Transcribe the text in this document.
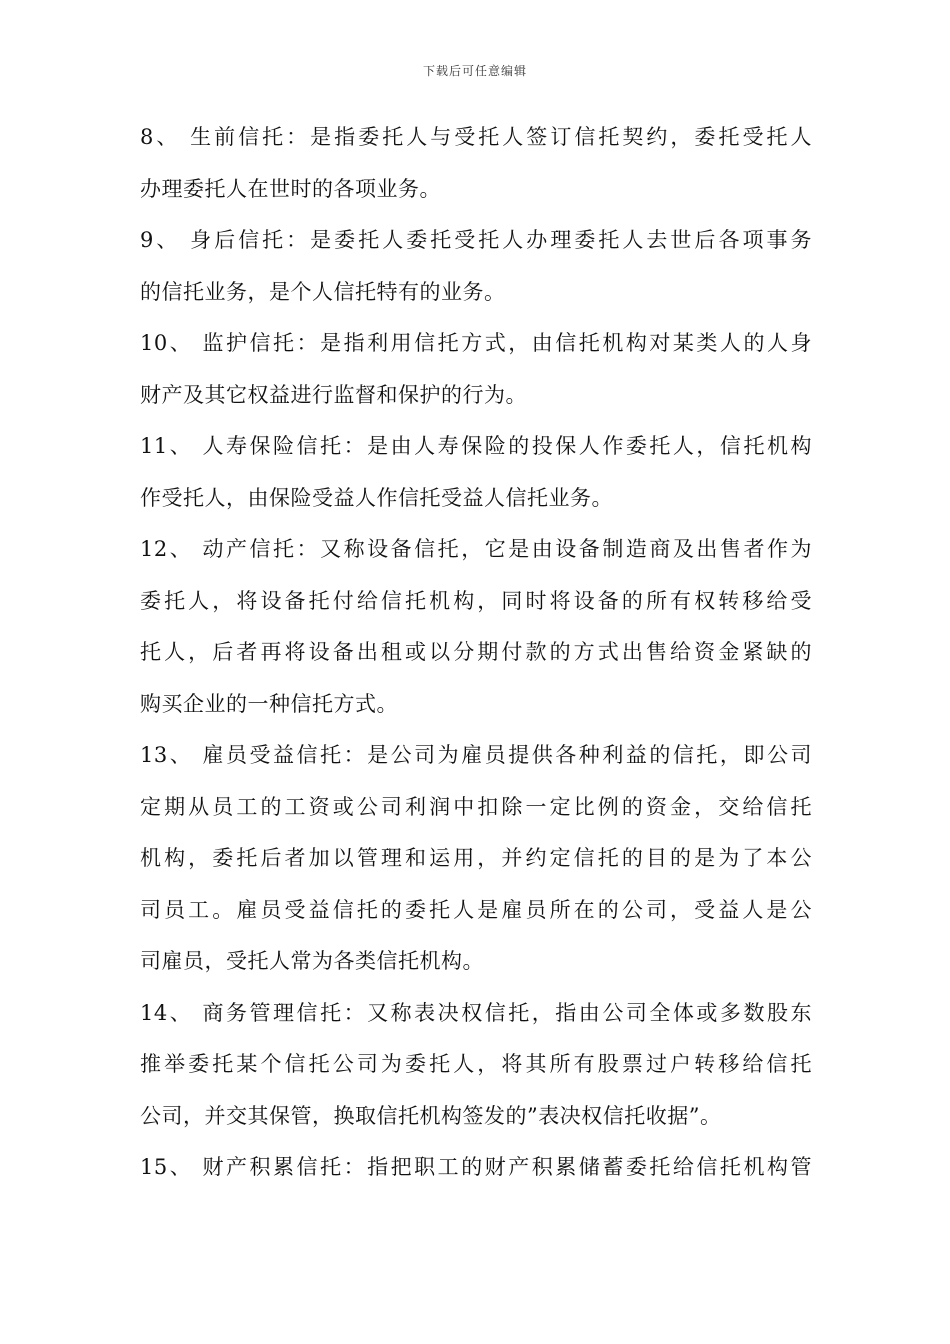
下载后可任意编辑
8、 生前信托：是指委托人与受托人签订信托契约，委托受托人
办理委托人在世时的各项业务。
9、 身后信托：是委托人委托受托人办理委托人去世后各项事务
的信托业务，是个人信托特有的业务。
10、 监护信托：是指利用信托方式，由信托机构对某类人的人身
财产及其它权益进行监督和保护的行为。
11、 人寿保险信托：是由人寿保险的投保人作委托人，信托机构
作受托人，由保险受益人作信托受益人信托业务。
12、 动产信托：又称设备信托，它是由设备制造商及出售者作为
委托人，将设备托付给信托机构，同时将设备的所有权转移给受
托人，后者再将设备出租或以分期付款的方式出售给资金紧缺的
购买企业的一种信托方式。
13、 雇员受益信托：是公司为雇员提供各种利益的信托，即公司
定期从员工的工资或公司利润中扣除一定比例的资金，交给信托
机构，委托后者加以管理和运用，并约定信托的目的是为了本公
司员工。雇员受益信托的委托人是雇员所在的公司，受益人是公
司雇员，受托人常为各类信托机构。
14、 商务管理信托：又称表决权信托，指由公司全体或多数股东
推举委托某个信托公司为委托人，将其所有股票过户转移给信托
公司，并交其保管，换取信托机构签发的”表决权信托收据”。
15、 财产积累信托：指把职工的财产积累储蓄委托给信托机构管
